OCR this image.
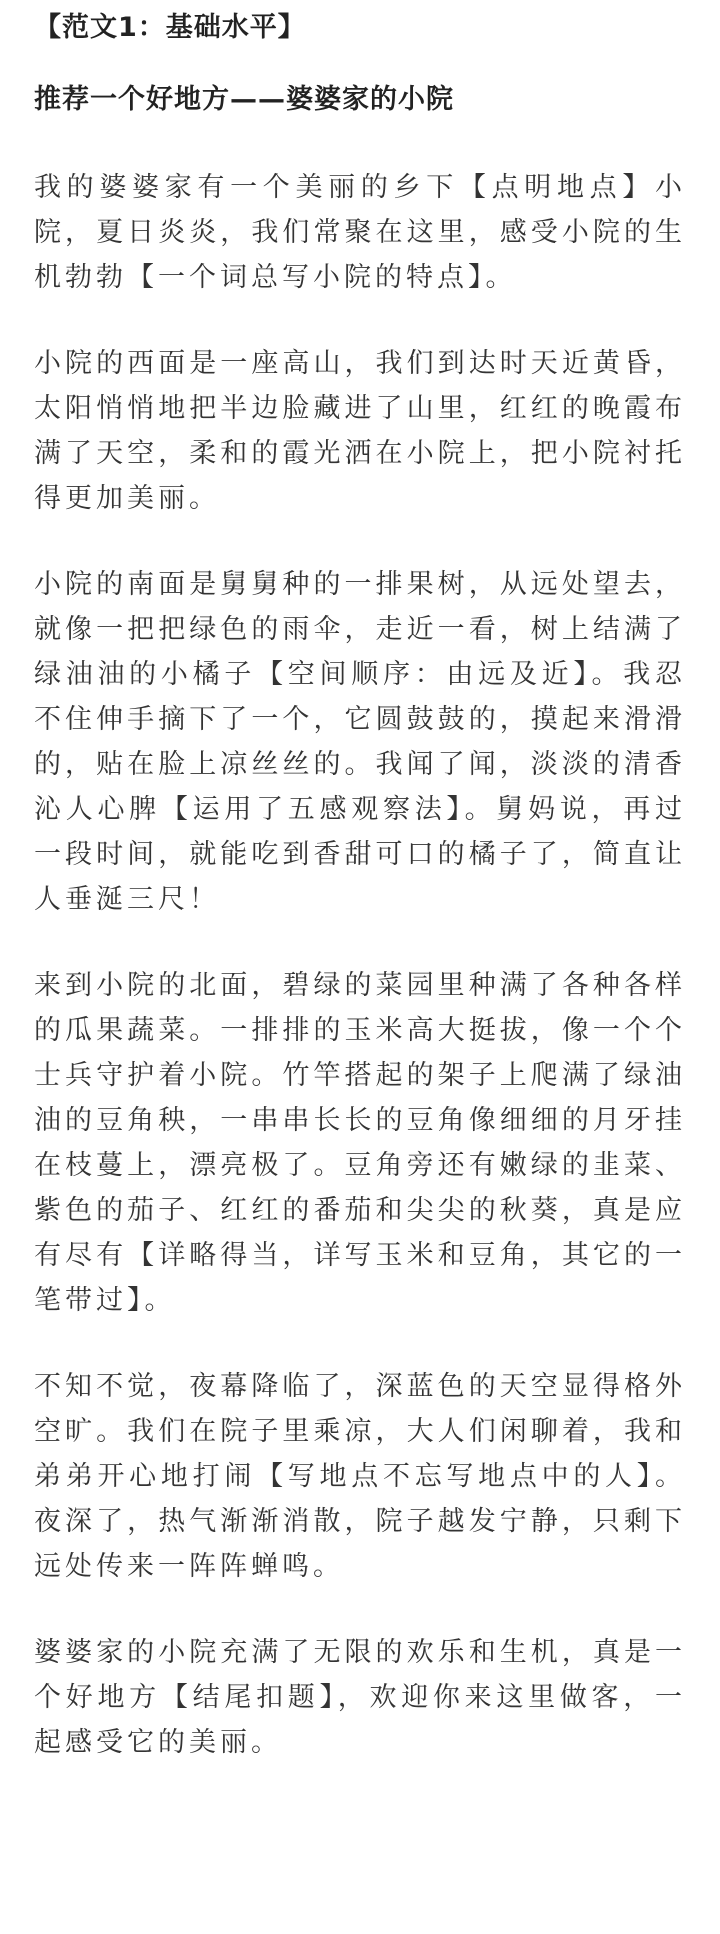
【范文1：基础水平】

推荐一个好地方——婆婆家的小院

我的婆婆家有一个美丽的乡下【点明地点】小院，夏日炎炎，我们常聚在这里，感受小院的生机勃勃【一个词总写小院的特点】。

小院的西面是一座高山，我们到达时天近黄昏，太阳悄悄地把半边脸藏进了山里，红红的晚霞布满了天空，柔和的霞光洒在小院上，把小院衬托得更加美丽。

小院的南面是舅舅种的一排果树，从远处望去，就像一把把绿色的雨伞，走近一看，树上结满了绿油油的小橘子【空间顺序：由远及近】。我忍不住伸手摘下了一个，它圆鼓鼓的，摸起来滑滑的，贴在脸上凉丝丝的。我闻了闻，淡淡的清香沁人心脾【运用了五感观察法】。舅妈说，再过一段时间，就能吃到香甜可口的橘子了，简直让人垂涎三尺！

来到小院的北面，碧绿的菜园里种满了各种各样的瓜果蔬菜。一排排的玉米高大挺拔，像一个个士兵守护着小院。竹竿搭起的架子上爬满了绿油油的豆角秧，一串串长长的豆角像细细的月牙挂在枝蔓上，漂亮极了。豆角旁还有嫩绿的韭菜、紫色的茄子、红红的番茄和尖尖的秋葵，真是应有尽有【详略得当，详写玉米和豆角，其它的一笔带过】。

不知不觉，夜幕降临了，深蓝色的天空显得格外空旷。我们在院子里乘凉，大人们闲聊着，我和弟弟开心地打闹【写地点不忘写地点中的人】。夜深了，热气渐渐消散，院子越发宁静，只剩下远处传来一阵阵蝉鸣。

婆婆家的小院充满了无限的欢乐和生机，真是一个好地方【结尾扣题】，欢迎你来这里做客，一起感受它的美丽。
